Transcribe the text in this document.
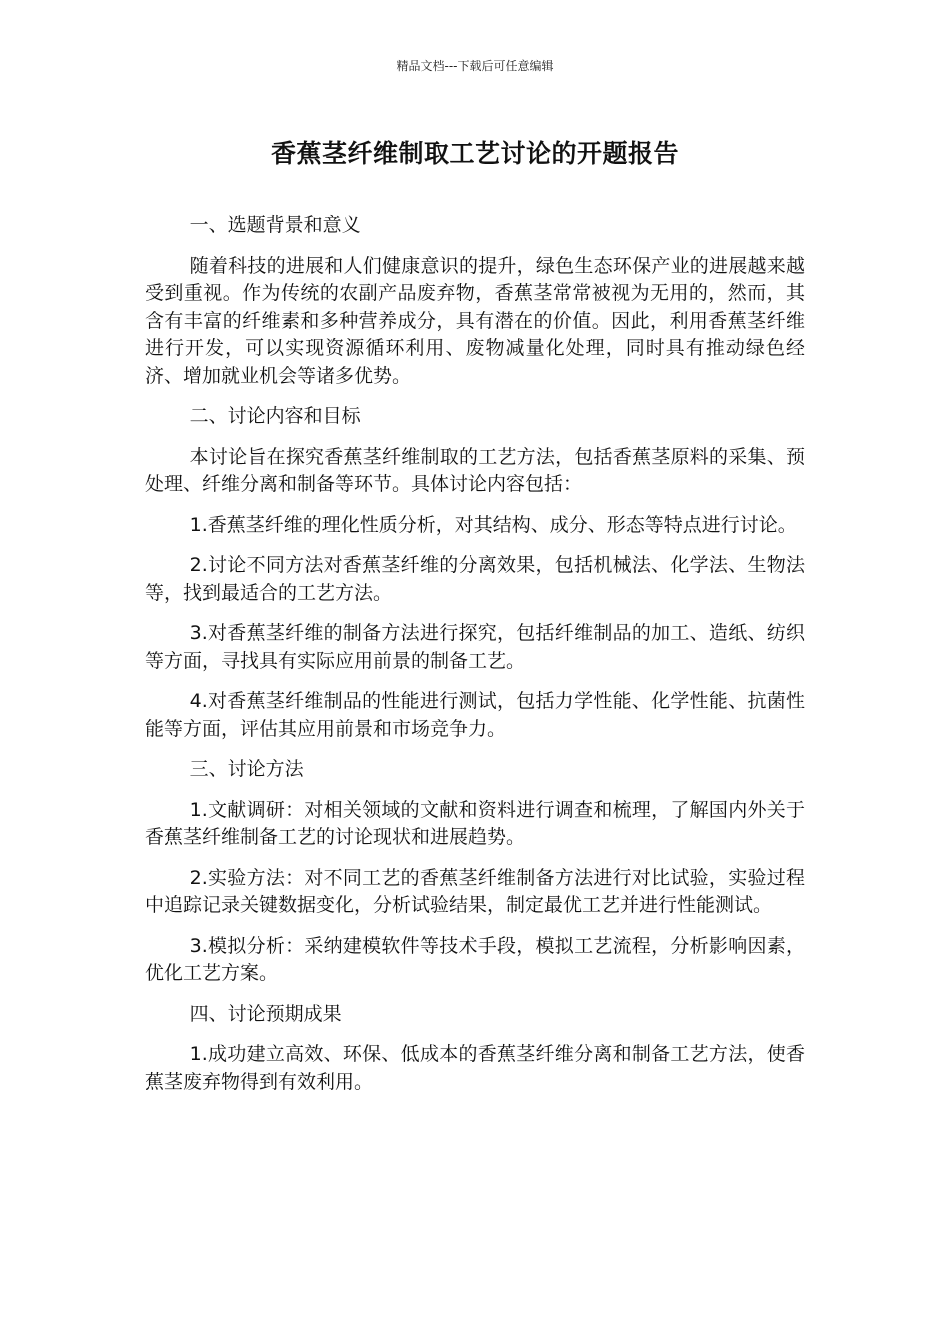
精品文档---下载后可任意编辑
香蕉茎纤维制取工艺讨论的开题报告

一、选题背景和意义

随着科技的进展和人们健康意识的提升，绿色生态环保产业的进展越来越受到重视。作为传统的农副产品废弃物，香蕉茎常常被视为无用的，然而，其含有丰富的纤维素和多种营养成分，具有潜在的价值。因此，利用香蕉茎纤维进行开发，可以实现资源循环利用、废物减量化处理，同时具有推动绿色经济、增加就业机会等诸多优势。

二、讨论内容和目标

本讨论旨在探究香蕉茎纤维制取的工艺方法，包括香蕉茎原料的采集、预处理、纤维分离和制备等环节。具体讨论内容包括：

1.香蕉茎纤维的理化性质分析，对其结构、成分、形态等特点进行讨论。

2.讨论不同方法对香蕉茎纤维的分离效果，包括机械法、化学法、生物法等，找到最适合的工艺方法。

3.对香蕉茎纤维的制备方法进行探究，包括纤维制品的加工、造纸、纺织等方面，寻找具有实际应用前景的制备工艺。

4.对香蕉茎纤维制品的性能进行测试，包括力学性能、化学性能、抗菌性能等方面，评估其应用前景和市场竞争力。

三、讨论方法

1.文献调研：对相关领域的文献和资料进行调查和梳理，了解国内外关于香蕉茎纤维制备工艺的讨论现状和进展趋势。

2.实验方法：对不同工艺的香蕉茎纤维制备方法进行对比试验，实验过程中追踪记录关键数据变化，分析试验结果，制定最优工艺并进行性能测试。

3.模拟分析：采纳建模软件等技术手段，模拟工艺流程，分析影响因素，优化工艺方案。

四、讨论预期成果

1.成功建立高效、环保、低成本的香蕉茎纤维分离和制备工艺方法，使香蕉茎废弃物得到有效利用。
